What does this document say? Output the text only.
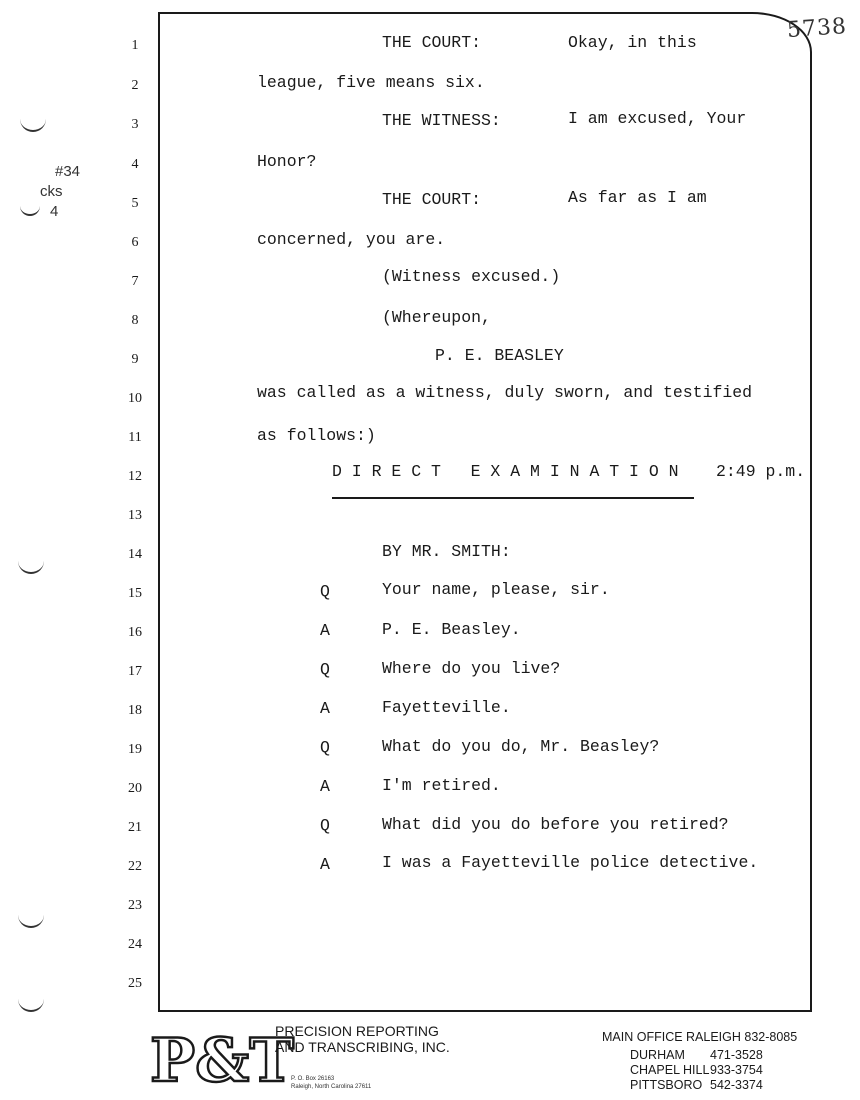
#34
cks
4
5738
1
2
3
4
5
6
7
8
9
10
11
12
13
14
15
16
17
18
19
20
21
22
23
24
25
THE COURT:	Okay, in this
league, five means six.
THE WITNESS:	I am excused, Your
Honor?
THE COURT:	As far as I am
concerned, you are.
(Witness excused.)
(Whereupon,
P. E. BEASLEY
was called as a witness, duly sworn, and testified
as follows:)
D I R E C T   E X A M I N A T I O N 2:49 p.m.
BY MR. SMITH:
Q	Your name, please, sir.
A	P. E. Beasley.
Q	Where do you live?
A	Fayetteville.
Q	What do you do, Mr. Beasley?
A	I'm retired.
Q	What did you do before you retired?
A	I was a Fayetteville police detective.
P&T
PRECISION REPORTING
AND TRANSCRIBING, INC.
P. O. Box 26163
Raleigh, North Carolina 27611
MAIN OFFICE RALEIGH 832-8085
DURHAM 471-3528
CHAPEL HILL 933-3754
PITTSBORO 542-3374
